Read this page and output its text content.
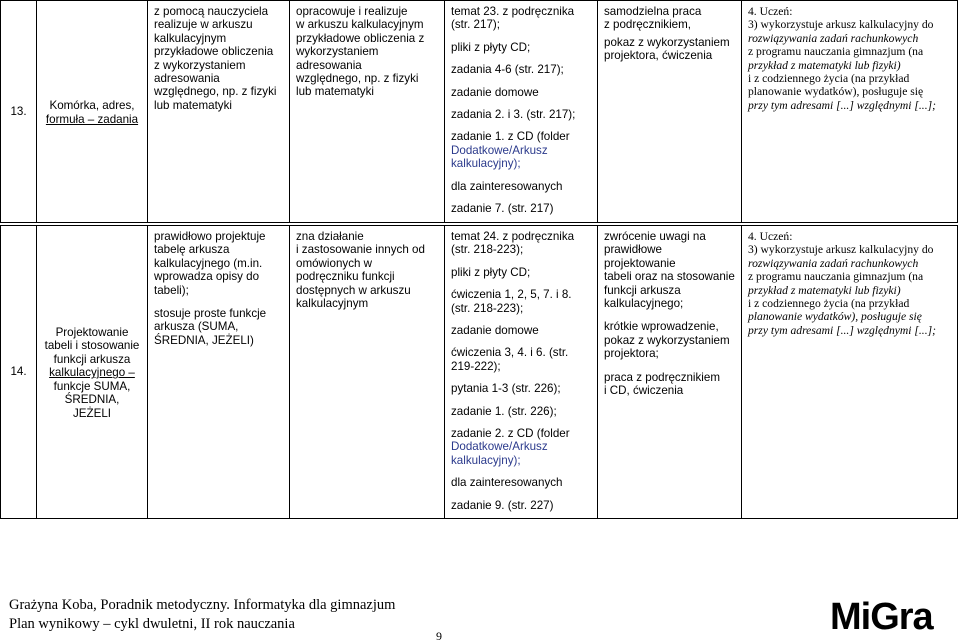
13.	Komórka, adres,
formuła – zadania

z pomocą nauczyciela
realizuje w arkuszu
kalkulacyjnym
przykładowe obliczenia
z wykorzystaniem
adresowania
względnego, np. z fizyki
lub matematyki

opracowuje i realizuje
w arkuszu kalkulacyjnym
przykładowe obliczenia z
wykorzystaniem
adresowania
względnego, np. z fizyki
lub matematyki

temat 23. z podręcznika
(str. 217);
pliki z płyty CD;
zadania 4-6 (str. 217);
zadanie domowe
zadania 2. i 3. (str. 217);
zadanie 1. z CD (folder
Dodatkowe/Arkusz
kalkulacyjny);
dla zainteresowanych
zadanie 7. (str. 217)

samodzielna praca
z podręcznikiem,
pokaz z wykorzystaniem
projektora, ćwiczenia

4. Uczeń:
3) wykorzystuje arkusz kalkulacyjny do
rozwiązywania zadań rachunkowych
z programu nauczania gimnazjum (na
przykład z matematyki lub fizyki)
i z codziennego życia (na przykład
planowanie wydatków), posługuje się
przy tym adresami [...] względnymi [...];
14.	
Projektowanie
tabeli i stosowanie
funkcji arkusza
kalkulacyjnego –
funkcje SUMA,
ŚREDNIA,
JEŻELI

prawidłowo projektuje
tabelę arkusza
kalkulacyjnego (m.in.
wprowadza opisy do
tabeli);
stosuje proste funkcje
arkusza (SUMA,
ŚREDNIA, JEŻELI)

zna działanie
i zastosowanie innych od
omówionych w
podręczniku funkcji
dostępnych w arkuszu
kalkulacyjnym

temat 24. z podręcznika
(str. 218-223);
pliki z płyty CD;
ćwiczenia 1, 2, 5, 7. i 8.
(str. 218-223);
zadanie domowe
ćwiczenia 3, 4. i 6. (str.
219-222);
pytania 1-3 (str. 226);
zadanie 1. (str. 226);
zadanie 2. z CD (folder
Dodatkowe/Arkusz
kalkulacyjny);
dla zainteresowanych
zadanie 9. (str. 227)

zwrócenie uwagi na
prawidłowe projektowanie
tabeli oraz na stosowanie
funkcji arkusza
kalkulacyjnego;
krótkie wprowadzenie,
pokaz z wykorzystaniem
projektora;
praca z podręcznikiem
i CD, ćwiczenia

4. Uczeń:
3) wykorzystuje arkusz kalkulacyjny do
rozwiązywania zadań rachunkowych
z programu nauczania gimnazjum (na
przykład z matematyki lub fizyki)
i z codziennego życia (na przykład
planowanie wydatków), posługuje się
przy tym adresami [...] względnymi [...];
Grażyna Koba, Poradnik metodyczny. Informatyka dla gimnazjum
Plan wynikowy – cykl dwuletni, II rok nauczania
9	MiGra
